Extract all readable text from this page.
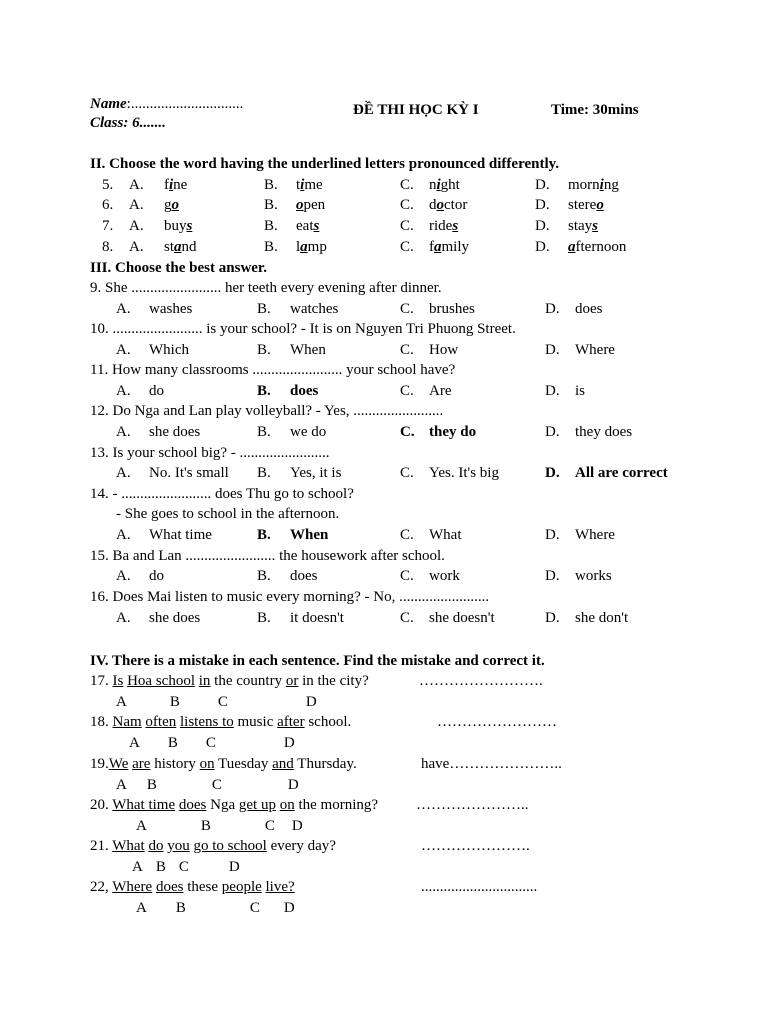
Name:..............................	ĐỀ THI HỌC KỲ I	Time: 30mins
Class: 6.......
II. Choose the word having the underlined letters pronounced differently.
5. A. fine	B. time	C. night	D. morning
6. A. go	B. open	C. doctor	D. stereo
7. A. buys	B. eats	C. rides	D. stays
8. A. stand	B. lamp	C. family	D. afternoon
III. Choose the best answer.
9. She ........................ her teeth every evening after dinner.
A. washes	B. watches	C. brushes	D. does
10. ........................ is your school? - It is on Nguyen Tri Phuong Street.
A. Which	B. When	C. How	D. Where
11. How many classrooms ........................ your school have?
A. do	B. does	C. Are	D. is
12. Do Nga and Lan play volleyball? - Yes, ........................
A. she does	B. we do	C. they do	D. they does
13. Is your school big? - ........................
A. No. It's small B. Yes, it is	C. Yes. It's big	D. All are correct
14. - ........................ does Thu go to school?
- She goes to school in the afternoon.
A. What time	B. When	C. What	D. Where
15. Ba and Lan ........................ the housework after school.
A. do	B. does	C. work	D. works
16. Does Mai listen to music every morning? - No, ........................
A. she does	B. it doesn't	C. she doesn't	D. she don't
IV. There is a mistake in each sentence. Find the mistake and correct it.
17. Is Hoa school in the country or in the city?	…………………….
A	B	C	D
18. Nam often listens to music after school.	……………………
A B C	D
19.We are history on Tuesday and Thursday.	have…………………..
A B	C	D
20. What time does Nga get up on the morning?	…………………..
A	B	C D
21. What do you go to school every day?	………………….
A B C	D
22, Where does these people live?	...............................
A B	C D
